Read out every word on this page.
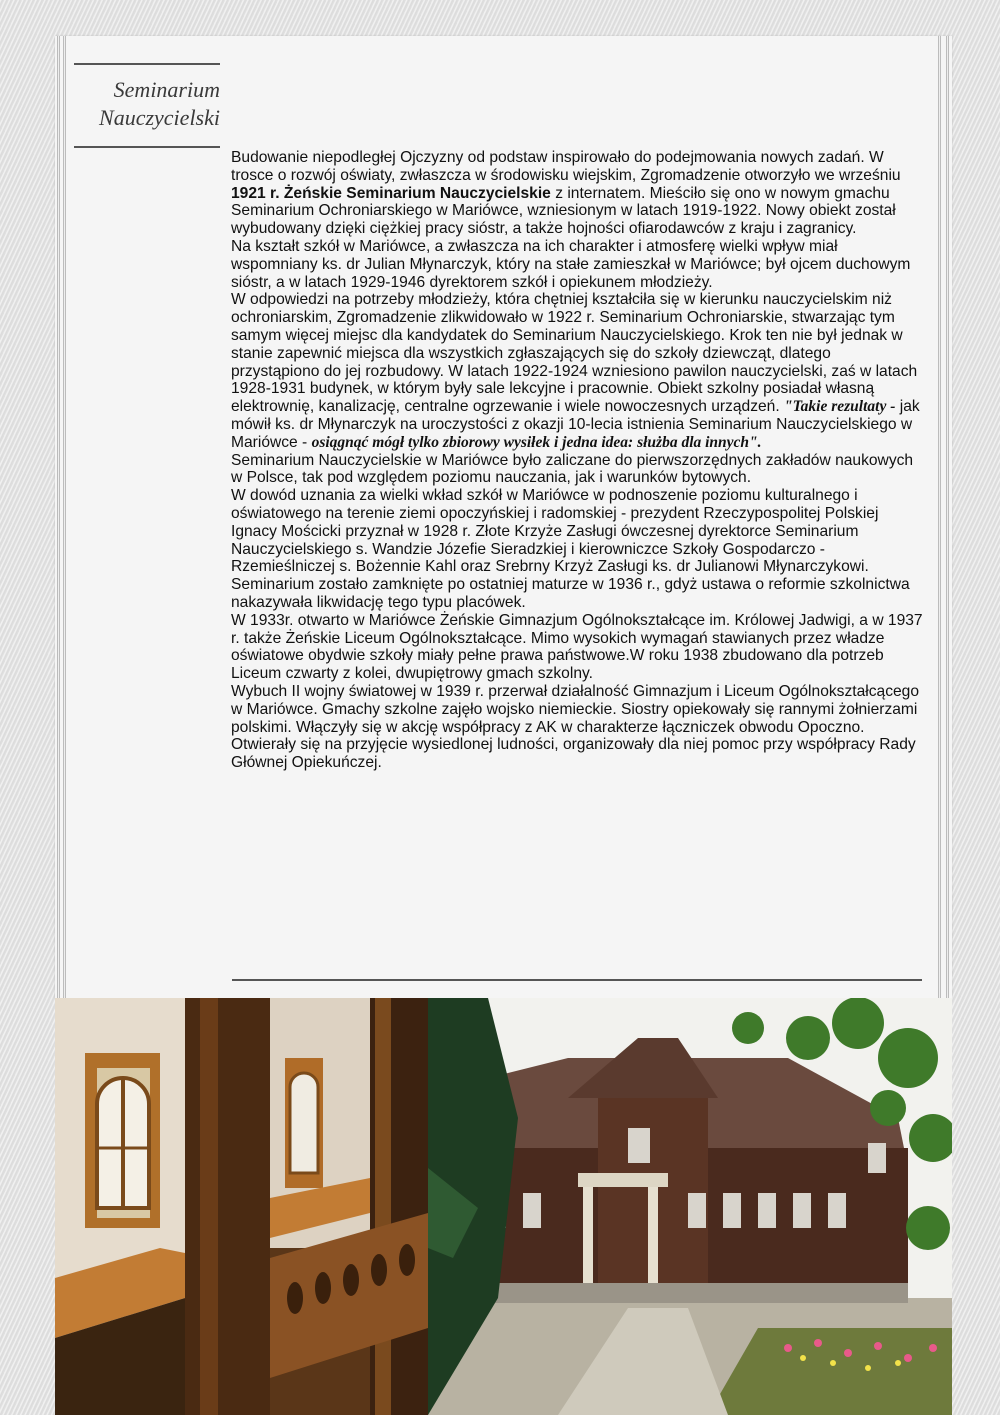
Seminarium
Nauczycielski

Budowanie niepodległej Ojczyzny od podstaw inspirowało do podejmowania nowych zadań. W trosce o rozwój oświaty, zwłaszcza w środowisku wiejskim, Zgromadzenie otworzyło we wrześniu 1921 r. Żeńskie Seminarium Nauczycielskie z internatem. Mieściło się ono w nowym gmachu Seminarium Ochroniarskiego w Mariówce, wzniesionym w latach 1919-1922. Nowy obiekt został wybudowany dzięki ciężkiej pracy sióstr, a także hojności ofiarodawców z kraju i zagranicy.

Na kształt szkół w Mariówce, a zwłaszcza na ich charakter i atmosferę wielki wpływ miał wspomniany ks. dr Julian Młynarczyk, który na stałe zamieszkał w Mariówce; był ojcem duchowym sióstr, a w latach 1929-1946 dyrektorem szkół i opiekunem młodzieży.

W odpowiedzi na potrzeby młodzieży, która chętniej kształciła się w kierunku nauczycielskim niż ochroniarskim, Zgromadzenie zlikwidowało w 1922 r. Seminarium Ochroniarskie, stwarzając tym samym więcej miejsc dla kandydatek do Seminarium Nauczycielskiego. Krok ten nie był jednak w stanie zapewnić miejsca dla wszystkich zgłaszających się do szkoły dziewcząt, dlatego przystąpiono do jej rozbudowy. W latach 1922-1924 wzniesiono pawilon nauczycielski, zaś w latach 1928-1931 budynek, w którym były sale lekcyjne i pracownie. Obiekt szkolny posiadał własną elektrownię, kanalizację, centralne ogrzewanie i wiele nowoczesnych urządzeń. "Takie rezultaty - jak mówił ks. dr Młynarczyk na uroczystości z okazji 10-lecia istnienia Seminarium Nauczycielskiego w Mariówce - osiągnąć mógł tylko zbiorowy wysiłek i jedna idea: służba dla innych".

Seminarium Nauczycielskie w Mariówce było zaliczane do pierwszorzędnych zakładów naukowych w Polsce, tak pod względem poziomu nauczania, jak i warunków bytowych.

W dowód uznania za wielki wkład szkół w Mariówce w podnoszenie poziomu kulturalnego i oświatowego na terenie ziemi opoczyńskiej i radomskiej - prezydent Rzeczypospolitej Polskiej Ignacy Mościcki przyznał w 1928 r. Złote Krzyże Zasługi ówczesnej dyrektorce Seminarium Nauczycielskiego s. Wandzie Józefie Sieradzkiej i kierowniczce Szkoły Gospodarczo - Rzemieślniczej s. Bożennie Kahl oraz Srebrny Krzyż Zasługi ks. dr Julianowi Młynarczykowi.

Seminarium zostało zamknięte po ostatniej maturze w 1936 r., gdyż ustawa o reformie szkolnictwa nakazywała likwidację tego typu placówek.

W 1933r. otwarto w Mariówce Żeńskie Gimnazjum Ogólnokształcące im. Królowej Jadwigi, a w 1937 r. także Żeńskie Liceum Ogólnokształcące. Mimo wysokich wymagań stawianych przez władze oświatowe obydwie szkoły miały pełne prawa państwowe.W roku 1938 zbudowano dla potrzeb Liceum czwarty z kolei, dwupiętrowy gmach szkolny.

Wybuch II wojny światowej w 1939 r. przerwał działalność Gimnazjum i Liceum Ogólnokształcącego w Mariówce. Gmachy szkolne zajęło wojsko niemieckie. Siostry opiekowały się rannymi żołnierzami polskimi. Włączyły się w akcję współpracy z AK w charakterze łączniczek obwodu Opoczno. Otwierały się na przyjęcie wysiedlonej ludności, organizowały dla niej pomoc przy współpracy Rady Głównej Opiekuńczej.
